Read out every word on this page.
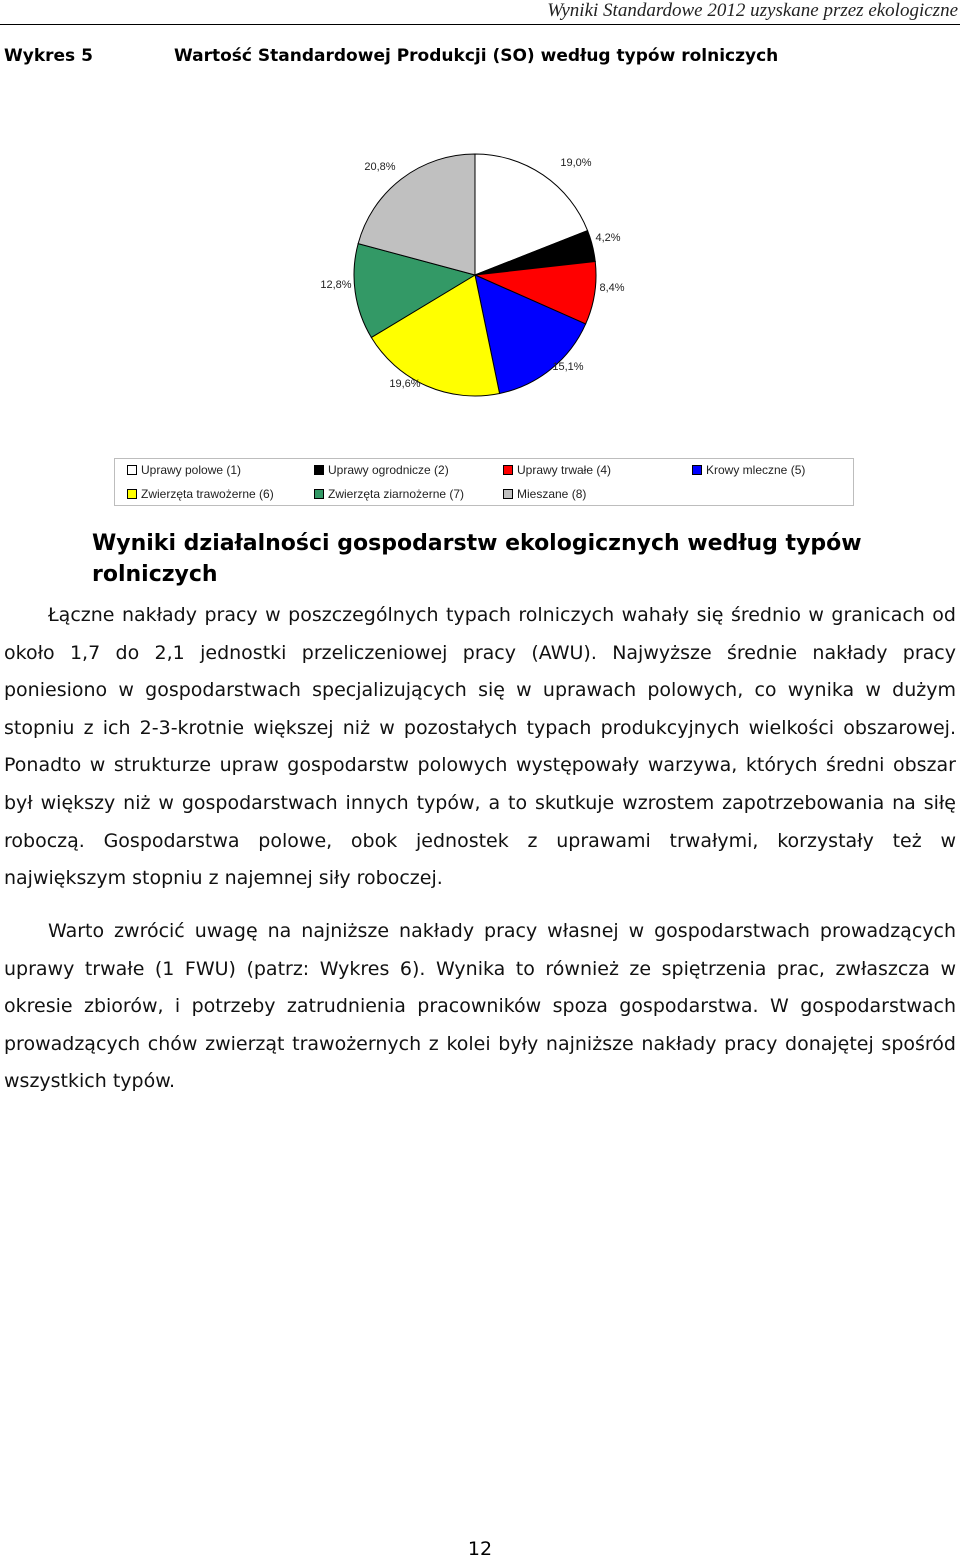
Wyniki Standardowe 2012 uzyskane przez ekologiczne
Wykres 5	Wartość Standardowej Produkcji (SO) według typów rolniczych
19,0%
4,2%
8,4%
15,1%
19,6%
12,8%
20,8%
Uprawy polowe (1)	Uprawy ogrodnicze (2)	Uprawy trwałe (4)	Krowy mleczne (5)
Zwierzęta trawożerne (6)	Zwierzęta ziarnożerne (7)	Mieszane (8)
Wyniki działalności gospodarstw ekologicznych według typów rolniczych

Łączne nakłady pracy w poszczególnych typach rolniczych wahały się średnio w granicach od około 1,7 do 2,1 jednostki przeliczeniowej pracy (AWU). Najwyższe średnie nakłady pracy poniesiono w gospodarstwach specjalizujących się w uprawach polowych, co wynika w dużym stopniu z ich 2-3-krotnie większej niż w pozostałych typach produkcyjnych wielkości obszarowej. Ponadto w strukturze upraw gospodarstw polowych występowały warzywa, których średni obszar był większy niż w gospodarstwach innych typów, a to skutkuje wzrostem zapotrzebowania na siłę roboczą. Gospodarstwa polowe, obok jednostek z uprawami trwałymi, korzystały też w największym stopniu z najemnej siły roboczej.

Warto zwrócić uwagę na najniższe nakłady pracy własnej w gospodarstwach prowadzących uprawy trwałe (1 FWU) (patrz: Wykres 6). Wynika to również ze spiętrzenia prac, zwłaszcza w okresie zbiorów, i potrzeby zatrudnienia pracowników spoza gospodarstwa. W gospodarstwach prowadzących chów zwierząt trawożernych z kolei były najniższe nakłady pracy donajętej spośród wszystkich typów.

12
